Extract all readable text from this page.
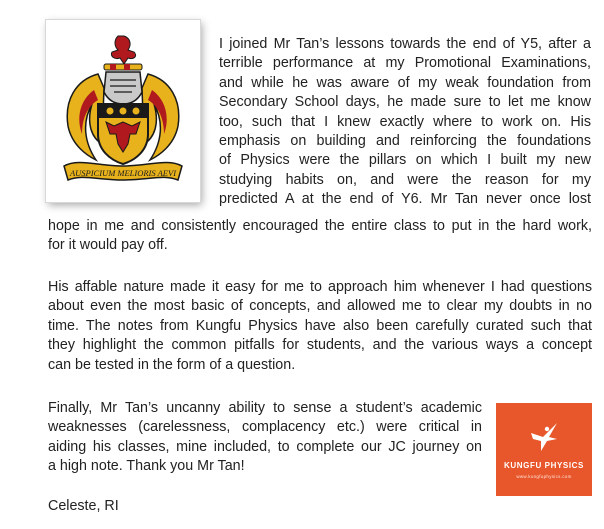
AUSPICIUM MELIORIS AEVI
I joined Mr Tan’s lessons towards the end of Y5, after a
terrible performance at my Promotional Examinations,
and while he was aware of my weak foundation from
Secondary School days, he made sure to let me know
too, such that I knew exactly where to work on. His
emphasis on building and reinforcing the foundations
of Physics were the pillars on which I built my new
studying habits on, and were the reason for my
predicted A at the end of Y6. Mr Tan never once lost
hope in me and consistently encouraged the entire class to put in the hard work,
for it would pay off.
His affable nature made it easy for me to approach him whenever I had questions
about even the most basic of concepts, and allowed me to clear my doubts in no
time. The notes from Kungfu Physics have also been carefully curated such that
they highlight the common pitfalls for students, and the various ways a concept
can be tested in the form of a question.
Finally, Mr Tan’s uncanny ability to sense a student’s academic
weaknesses (carelessness, complacency etc.) were critical in
aiding his classes, mine included, to complete our JC journey on
a high note. Thank you Mr Tan!
Celeste, RI
KUNGFU PHYSICS
www.kungfuphysics.com
